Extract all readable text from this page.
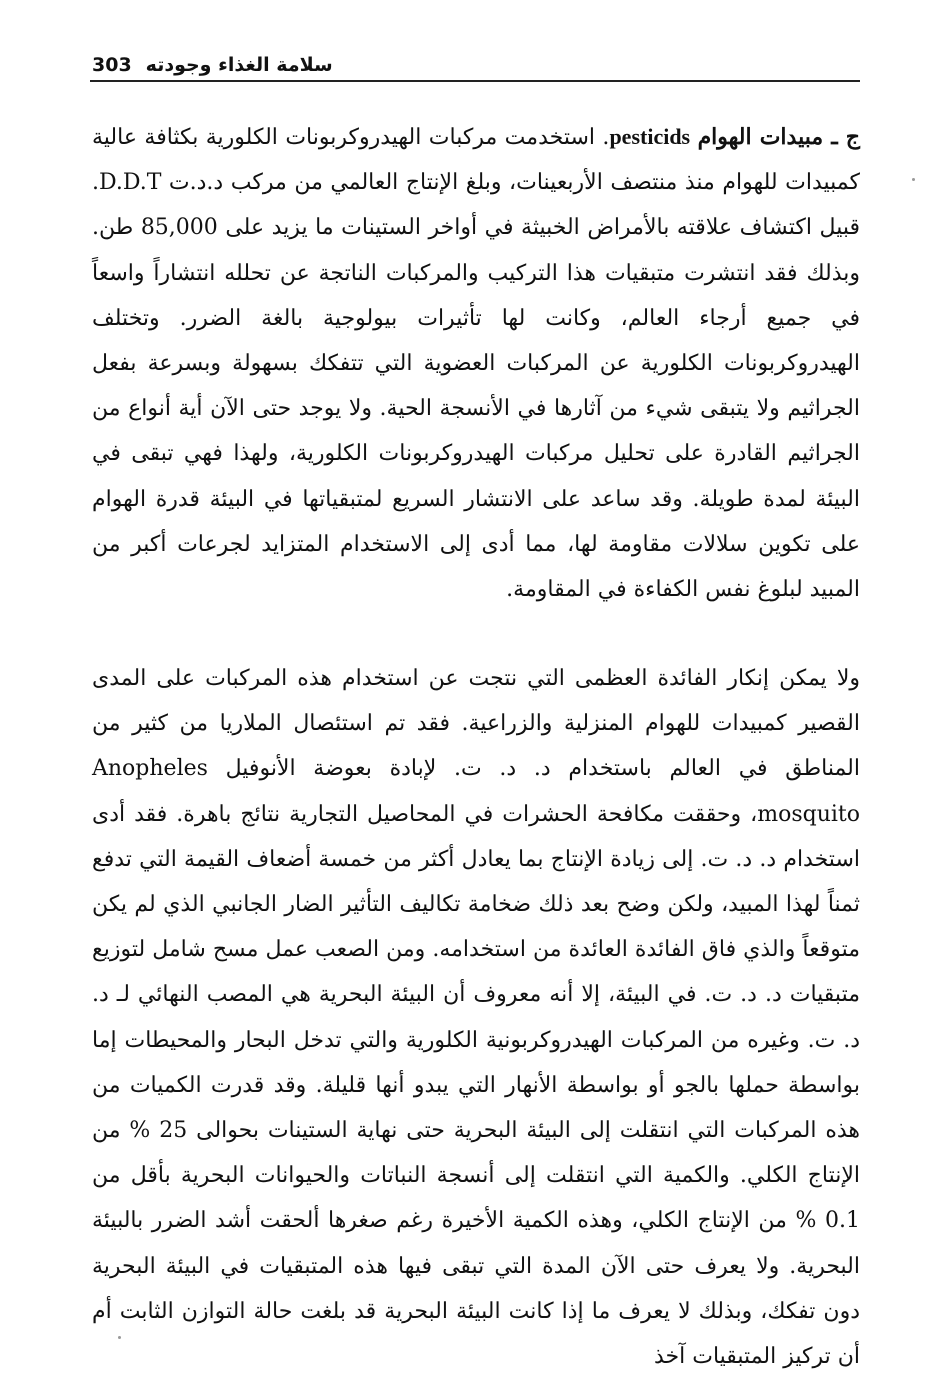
303 سلامة الغذاء وجودته

ج ـ مبيدات الهوام pesticids. استخدمت مركبات الهيدروكربونات الكلورية بكثافة عالية كمبيدات للهوام منذ منتصف الأربعينات، وبلغ الإنتاج العالمي من مركب د.د.ت D.D.T. قبيل اكتشاف علاقته بالأمراض الخبيثة في أواخر الستينات ما يزيد على 85,000 طن. وبذلك فقد انتشرت متبقيات هذا التركيب والمركبات الناتجة عن تحلله انتشاراً واسعاً في جميع أرجاء العالم، وكانت لها تأثيرات بيولوجية بالغة الضرر. وتختلف الهيدروكربونات الكلورية عن المركبات العضوية التي تتفكك بسهولة وبسرعة بفعل الجراثيم ولا يتبقى شيء من آثارها في الأنسجة الحية. ولا يوجد حتى الآن أية أنواع من الجراثيم القادرة على تحليل مركبات الهيدروكربونات الكلورية، ولهذا فهي تبقى في البيئة لمدة طويلة. وقد ساعد على الانتشار السريع لمتبقياتها في البيئة قدرة الهوام على تكوين سلالات مقاومة لها، مما أدى إلى الاستخدام المتزايد لجرعات أكبر من المبيد لبلوغ نفس الكفاءة في المقاومة.

ولا يمكن إنكار الفائدة العظمى التي نتجت عن استخدام هذه المركبات على المدى القصير كمبيدات للهوام المنزلية والزراعية. فقد تم استئصال الملاريا من كثير من المناطق في العالم باستخدام د. د. ت. لإبادة بعوضة الأنوفيل Anopheles mosquito، وحققت مكافحة الحشرات في المحاصيل التجارية نتائج باهرة. فقد أدى استخدام د. د. ت. إلى زيادة الإنتاج بما يعادل أكثر من خمسة أضعاف القيمة التي تدفع ثمناً لهذا المبيد، ولكن وضح بعد ذلك ضخامة تكاليف التأثير الضار الجانبي الذي لم يكن متوقعاً والذي فاق الفائدة العائدة من استخدامه. ومن الصعب عمل مسح شامل لتوزيع متبقيات د. د. ت. في البيئة، إلا أنه معروف أن البيئة البحرية هي المصب النهائي لـ د. د. ت. وغيره من المركبات الهيدروكربونية الكلورية والتي تدخل البحار والمحيطات إما بواسطة حملها بالجو أو بواسطة الأنهار التي يبدو أنها قليلة. وقد قدرت الكميات من هذه المركبات التي انتقلت إلى البيئة البحرية حتى نهاية الستينات بحوالى 25 % من الإنتاج الكلي. والكمية التي انتقلت إلى أنسجة النباتات والحيوانات البحرية بأقل من 0.1 % من الإنتاج الكلي، وهذه الكمية الأخيرة رغم صغرها ألحقت أشد الضرر بالبيئة البحرية. ولا يعرف حتى الآن المدة التي تبقى فيها هذه المتبقيات في البيئة البحرية دون تفكك، وبذلك لا يعرف ما إذا كانت البيئة البحرية قد بلغت حالة التوازن الثابت أم أن تركيز المتبقيات آخذ
